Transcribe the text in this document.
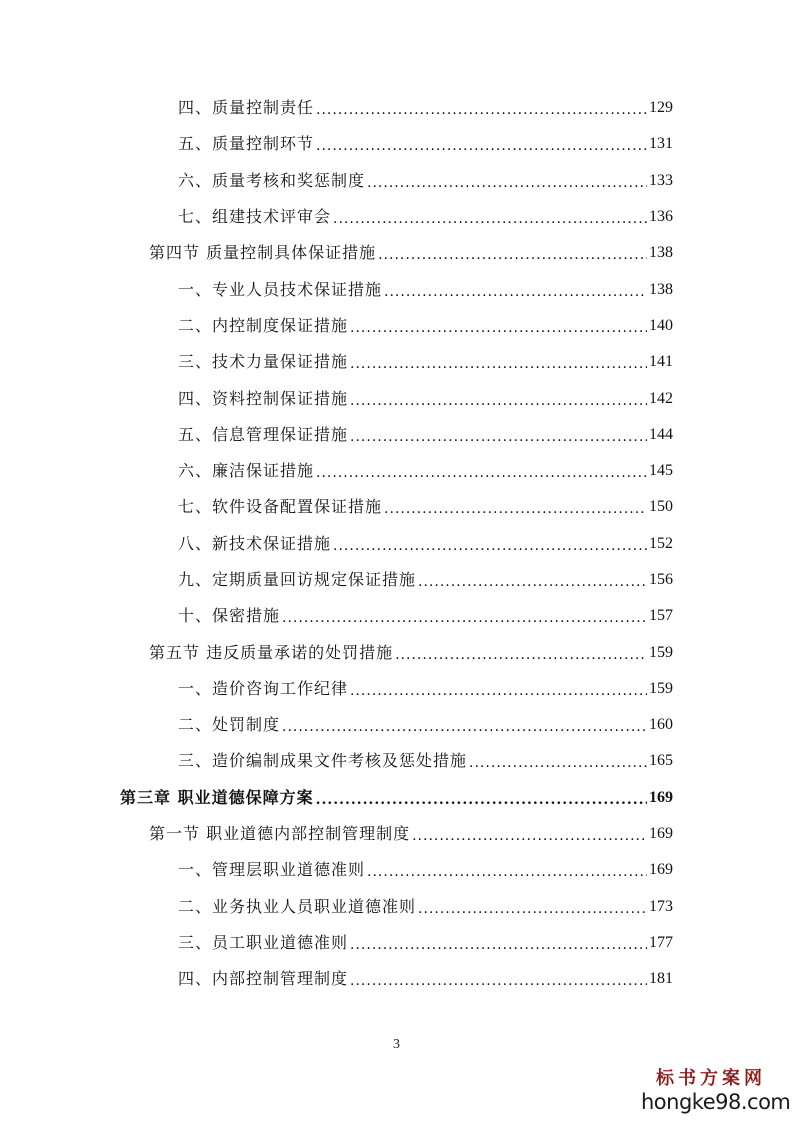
四、质量控制责任 .....	129
五、质量控制环节 .....	131
六、质量考核和奖惩制度 .....	133
七、组建技术评审会 .....	136
第四节 质量控制具体保证措施 .....	138
一、专业人员技术保证措施 .....	138
二、内控制度保证措施 .....	140
三、技术力量保证措施 .....	141
四、资料控制保证措施 .....	142
五、信息管理保证措施 .....	144
六、廉洁保证措施 .....	145
七、软件设备配置保证措施 .....	150
八、新技术保证措施 .....	152
九、定期质量回访规定保证措施 .....	156
十、保密措施 .....	157
第五节 违反质量承诺的处罚措施 .....	159
一、造价咨询工作纪律 .....	159
二、处罚制度 .....	160
三、造价编制成果文件考核及惩处措施 .....	165
第三章 职业道德保障方案 .....	169
第一节 职业道德内部控制管理制度 .....	169
一、管理层职业道德准则 .....	169
二、业务执业人员职业道德准则 .....	173
三、员工职业道德准则 .....	177
四、内部控制管理制度 .....	181
3
标书方案网
hongke98.com
